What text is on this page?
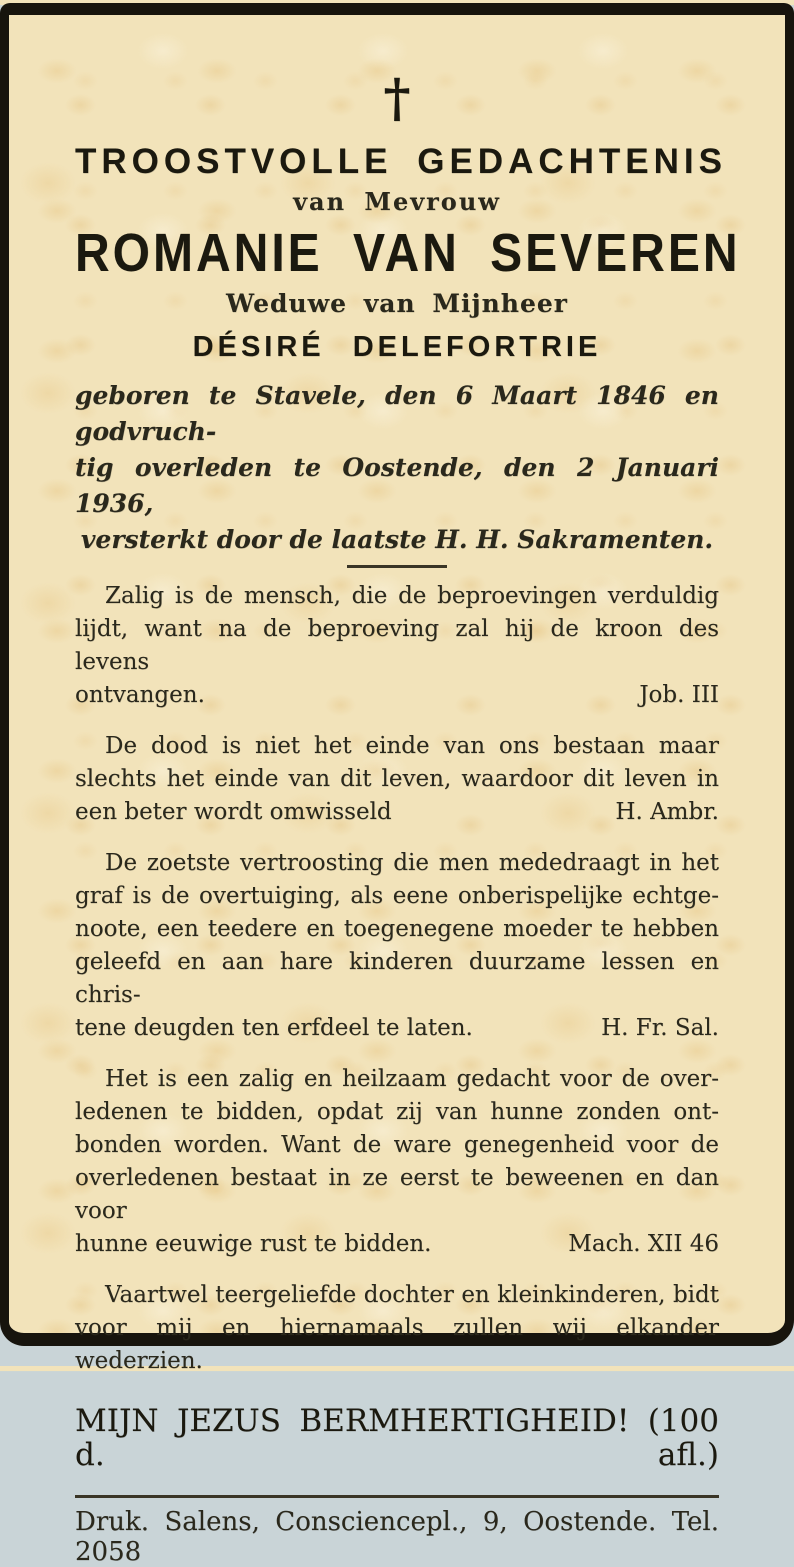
†
TROOSTVOLLE GEDACHTENIS
van Mevrouw
ROMANIE VAN SEVEREN
Weduwe van Mijnheer
DÉSIRÉ DELEFORTRIE
geboren te Stavele, den 6 Maart 1846 en godvruch-
tig overleden te Oostende, den 2 Januari 1936,
versterkt door de laatste H. H. Sakramenten.
Zalig is de mensch, die de beproevingen verduldig
lijdt, want na de beproeving zal hij de kroon des levens
ontvangen.	Job. III
De dood is niet het einde van ons bestaan maar
slechts het einde van dit leven, waardoor dit leven in
een beter wordt omwisseld	H. Ambr.
De zoetste vertroosting die men mededraagt in het
graf is de overtuiging, als eene onberispelijke echtge-
noote, een teedere en toegenegene moeder te hebben
geleefd en aan hare kinderen duurzame lessen en chris-
tene deugden ten erfdeel te laten.	H. Fr. Sal.
Het is een zalig en heilzaam gedacht voor de over-
ledenen te bidden, opdat zij van hunne zonden ont-
bonden worden. Want de ware genegenheid voor de
overledenen bestaat in ze eerst te beweenen en dan voor
hunne eeuwige rust te bidden.	Mach. XII 46
Vaartwel teergeliefde dochter en kleinkinderen, bidt
voor mij en hiernamaals zullen wij elkander wederzien.
MIJN JEZUS BERMHERTIGHEID! (100 d. afl.)
Druk. Salens, Consciencepl., 9, Oostende. Tel. 2058
